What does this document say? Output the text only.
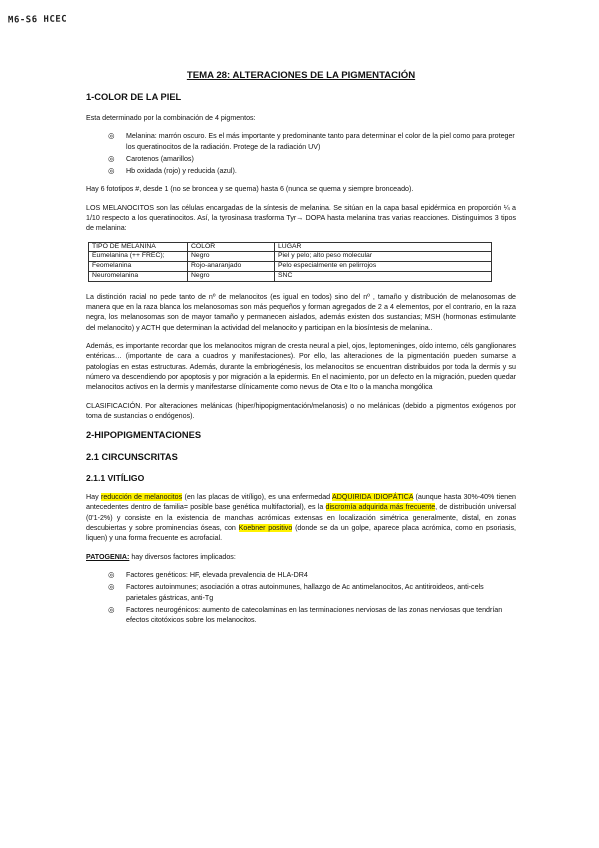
M6-S6 HCEC
TEMA 28: ALTERACIONES DE LA PIGMENTACIÓN
1-COLOR DE LA PIEL

Esta determinado por la combinación de 4 pigmentos:

◎ Melanina: marrón oscuro. Es el más importante y predominante tanto para determinar el color de la piel como para proteger los queratinocitos de la radiación. Protege de la radiación UV)
◎ Carotenos (amarillos)
◎ Hb oxidada (rojo) y reducida (azul).

Hay 6 fototipos #, desde 1 (no se broncea y se quema) hasta 6 (nunca se quema y siempre bronceado).

LOS MELANOCITOS son las células encargadas de la síntesis de melanina. Se sitúan en la capa basal epidérmica en proporción ¼ a 1/10 respecto a los queratinocitos. Así, la tyrosinasa trasforma Tyr→ DOPA hasta melanina tras varias reacciones. Distinguimos 3 tipos de melanina:

TIPO DE MELANINA	COLOR	LUGAR
Eumelanina (++ FREC);	Negro	Piel y pelo; alto peso molecular
Feomelanina	Rojo-anaranjado	Pelo especialmente en pelirrojos
Neuromelanina	Negro	SNC

La distinción racial no pede tanto de nº de melanocitos (es igual en todos) sino del nº , tamaño y distribución de melanosomas de manera que en la raza blanca los melanosomas son más pequeños y forman agregados de 2 a 4 elementos, por el contrario, en la raza negra, los melanosomas son de mayor tamaño y permanecen aislados, además existen dos sustancias; MSH (hormonas estimulante del melanocito) y ACTH que determinan la actividad del melanocito y participan en la biosíntesis de melanina..

Además, es importante recordar que los melanocitos migran de cresta neural a piel, ojos, leptomeninges, oído interno, céls ganglionares entéricas… (importante de cara a cuadros y manifestaciones). Por ello, las alteraciones de la pigmentación pueden sumarse a patologías en estas estructuras. Además, durante la embriogénesis, los melanocitos se encuentran distribuidos por toda la dermis y su número va descendiendo por apoptosis y por migración a la epidermis. En el nacimiento, por un defecto en la migración, pueden quedar melanocitos activos en la dermis y manifestarse clínicamente como nevus de Ota e Ito o la mancha mongólica

CLASIFICACIÓN. Por alteraciones melánicas (hiper/hipopigmentación/melanosis) o no melánicas (debido a pigmentos exógenos por toma de sustancias o endógenos).

2-HIPOPIGMENTACIONES
2.1 CIRCUNSCRITAS
2.1.1 VITÍLIGO

Hay reducción de melanocitos (en las placas de vitíligo), es una enfermedad ADQUIRIDA IDIOPÁTICA (aunque hasta 30%-40% tienen antecedentes dentro de familia= posible base genética multifactorial), es la discromía adquirida más frecuente, de distribución universal (0'1-2%) y consiste en la existencia de manchas acrómicas extensas en localización simétrica generalmente, distal, en zonas descubiertas y sobre prominencias óseas, con Koebner positivo (donde se da un golpe, aparece placa acrómica, como en psoriasis, liquen) y una forma frecuente es acrofacial.

PATOGENIA: hay diversos factores implicados:

◎ Factores genéticos: HF, elevada prevalencia de HLA-DR4
◎ Factores autoinmunes; asociación a otras autoinmunes, hallazgo de Ac antimelanocitos, Ac antitiroideos, anti-cels parietales gástricas, anti-Tg
◎ Factores neurogénicos: aumento de catecolaminas en las terminaciones nerviosas de las zonas nerviosas que tendrían efectos citotóxicos sobre los melanocitos.
